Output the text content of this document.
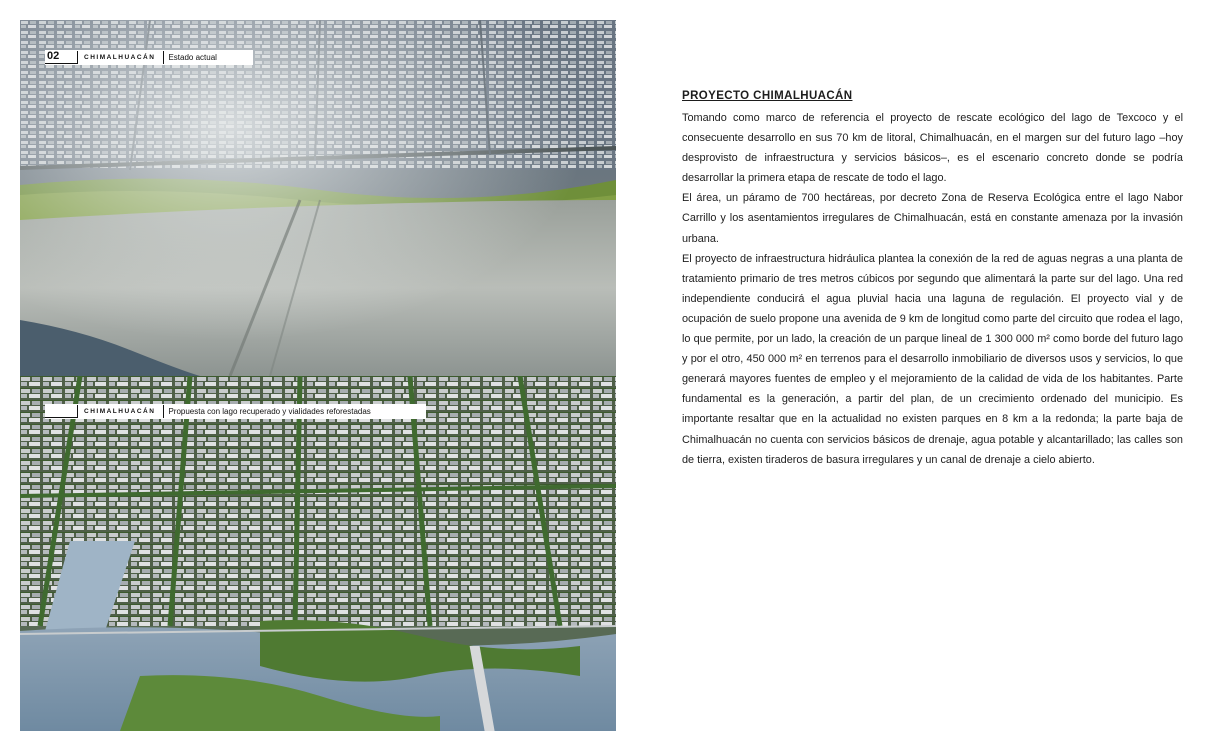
02	CHIMALHUACÁN	Estado actual
CHIMALHUACÁN	Propuesta con lago recuperado y vialidades reforestadas
PROYECTO CHIMALHUACÁN

Tomando como marco de referencia el proyecto de rescate ecológico del lago de Texcoco y el consecuente desarrollo en sus 70 km de litoral, Chimalhuacán, en el margen sur del futuro lago –hoy desprovisto de infraestructura y servicios básicos–, es el escenario concreto donde se podría desarrollar la primera etapa de rescate de todo el lago.

El área, un páramo de 700 hectáreas, por decreto Zona de Reserva Ecológica entre el lago Nabor Carrillo y los asentamientos irregulares de Chimalhuacán, está en constante amenaza por la invasión urbana.

El proyecto de infraestructura hidráulica plantea la conexión de la red de aguas negras a una planta de tratamiento primario de tres metros cúbicos por segundo que alimentará la parte sur del lago. Una red independiente conducirá el agua pluvial hacia una laguna de regulación. El proyecto vial y de ocupación de suelo propone una avenida de 9 km de longitud como parte del circuito que rodea el lago, lo que permite, por un lado, la creación de un parque lineal de 1 300 000 m² como borde del futuro lago y por el otro, 450 000 m² en terrenos para el desarrollo inmobiliario de diversos usos y servicios, lo que generará mayores fuentes de empleo y el mejoramiento de la calidad de vida de los habitantes. Parte fundamental es la generación, a partir del plan, de un crecimiento ordenado del municipio. Es importante resaltar que en la actualidad no existen parques en 8 km a la redonda; la parte baja de Chimalhuacán no cuenta con servicios básicos de drenaje, agua potable y alcantarillado; las calles son de tierra, existen tiraderos de basura irregulares y un canal de drenaje a cielo abierto.
